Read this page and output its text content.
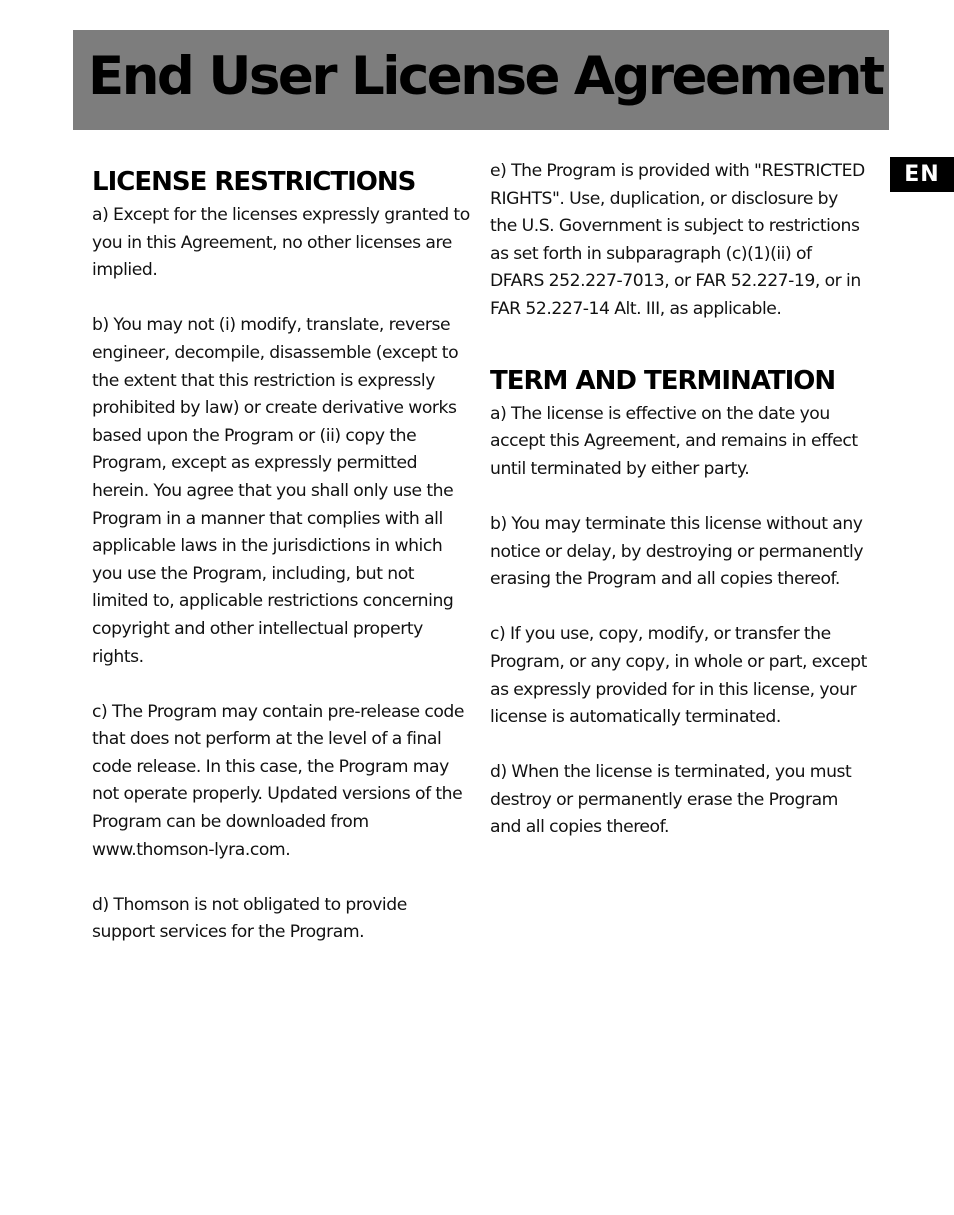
End User License Agreement
EN
LICENSE RESTRICTIONS

a) Except for the licenses expressly granted to you in this Agreement, no other licenses are implied.

b) You may not (i) modify, translate, reverse engineer, decompile, disassemble (except to the extent that this restriction is expressly prohibited by law) or create derivative works based upon the Program or (ii) copy the Program, except as expressly permitted herein. You agree that you shall only use the Program in a manner that complies with all applicable laws in the jurisdictions in which you use the Program, including, but not limited to, applicable restrictions concerning copyright and other intellectual property rights.

c) The Program may contain pre-release code that does not perform at the level of a final code release. In this case, the Program may not operate properly. Updated versions of the Program can be downloaded from www.thomson-lyra.com.

d) Thomson is not obligated to provide support services for the Program.

e) The Program is provided with "RESTRICTED RIGHTS". Use, duplication, or disclosure by the U.S. Government is subject to restrictions as set forth in subparagraph (c)(1)(ii) of DFARS 252.227-7013, or FAR 52.227-19, or in FAR 52.227-14 Alt. III, as applicable.

TERM AND TERMINATION

a) The license is effective on the date you accept this Agreement, and remains in effect until terminated by either party.

b) You may terminate this license without any notice or delay, by destroying or permanently erasing the Program and all copies thereof.

c) If you use, copy, modify, or transfer the Program, or any copy, in whole or part, except as expressly provided for in this license, your license is automatically terminated.

d) When the license is terminated, you must destroy or permanently erase the Program and all copies thereof.
